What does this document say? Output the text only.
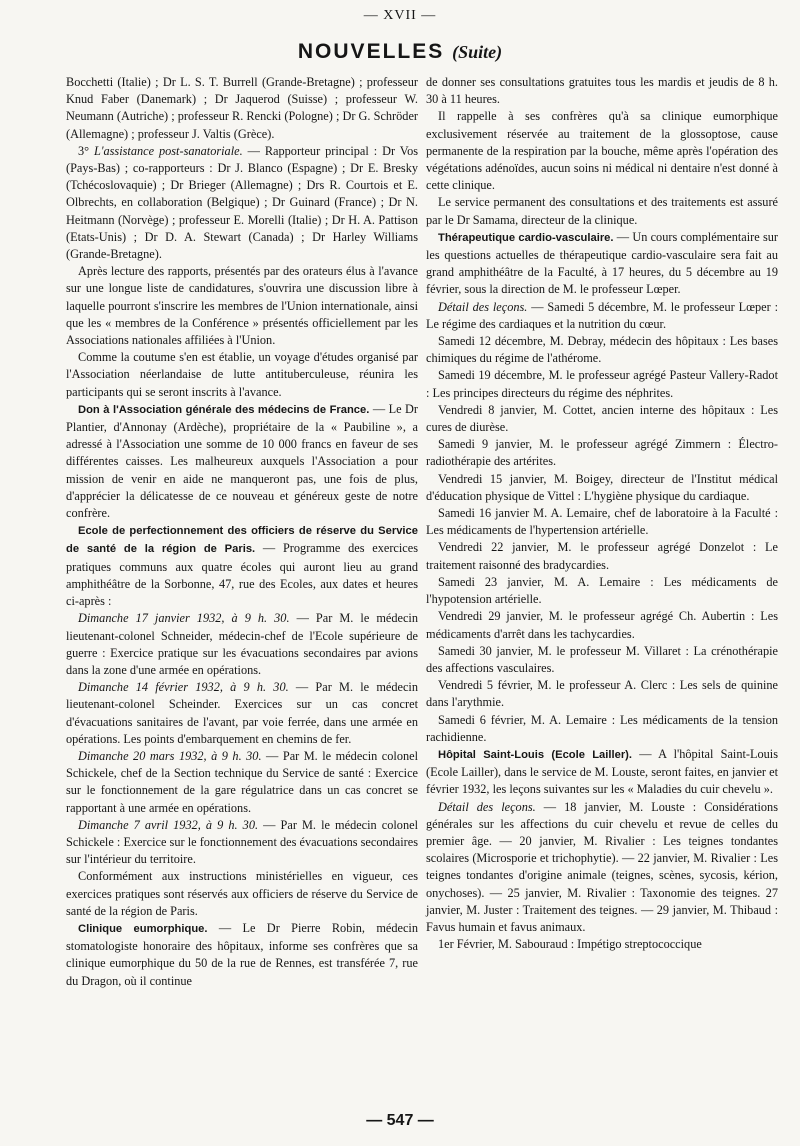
— XVII —
NOUVELLES (Suite)

Bocchetti (Italie) ; Dr L. S. T. Burrell (Grande-Bretagne) ; professeur Knud Faber (Danemark) ; Dr Jaquerod (Suisse) ; professeur W. Neumann (Autriche) ; professeur R. Rencki (Pologne) ; Dr G. Schröder (Allemagne) ; professeur J. Valtis (Grèce).

3° L'assistance post-sanatoriale. — Rapporteur principal : Dr Vos (Pays-Bas) ; co-rapporteurs : Dr J. Blanco (Espagne) ; Dr E. Bresky (Tchécoslovaquie) ; Dr Brieger (Allemagne) ; Drs R. Courtois et E. Olbrechts, en collaboration (Belgique) ; Dr Guinard (France) ; Dr N. Heitmann (Norvège) ; professeur E. Morelli (Italie) ; Dr H. A. Pattison (Etats-Unis) ; Dr D. A. Stewart (Canada) ; Dr Harley Williams (Grande-Bretagne).

Après lecture des rapports, présentés par des orateurs élus à l'avance sur une longue liste de candidatures, s'ouvrira une discussion libre à laquelle pourront s'inscrire les membres de l'Union internationale, ainsi que les « membres de la Conférence » présentés officiellement par les Associations nationales affiliées à l'Union.

Comme la coutume s'en est établie, un voyage d'études organisé par l'Association néerlandaise de lutte antituberculeuse, réunira les participants qui se seront inscrits à l'avance.

Don à l'Association générale des médecins de France. — Le Dr Plantier, d'Annonay (Ardèche), propriétaire de la « Paubiline », a adressé à l'Association une somme de 10 000 francs en faveur de ses différentes caisses. Les malheureux auxquels l'Association a pour mission de venir en aide ne manqueront pas, une fois de plus, d'apprécier la délicatesse de ce nouveau et généreux geste de notre confrère.

Ecole de perfectionnement des officiers de réserve du Service de santé de la région de Paris. — Programme des exercices pratiques communs aux quatre écoles qui auront lieu au grand amphithéâtre de la Sorbonne, 47, rue des Ecoles, aux dates et heures ci-après :

Dimanche 17 janvier 1932, à 9 h. 30. — Par M. le médecin lieutenant-colonel Schneider, médecin-chef de l'Ecole supérieure de guerre : Exercice pratique sur les évacuations secondaires par avions dans la zone d'une armée en opérations.

Dimanche 14 février 1932, à 9 h. 30. — Par M. le médecin lieutenant-colonel Scheinder. Exercices sur un cas concret d'évacuations sanitaires de l'avant, par voie ferrée, dans une armée en opérations. Les points d'embarquement en chemins de fer.

Dimanche 20 mars 1932, à 9 h. 30. — Par M. le médecin colonel Schickele, chef de la Section technique du Service de santé : Exercice sur le fonctionnement de la gare régulatrice dans un cas concret se rapportant à une armée en opérations.

Dimanche 7 avril 1932, à 9 h. 30. — Par M. le médecin colonel Schickele : Exercice sur le fonctionnement des évacuations secondaires sur l'intérieur du territoire.

Conformément aux instructions ministérielles en vigueur, ces exercices pratiques sont réservés aux officiers de réserve du Service de santé de la région de Paris.

Clinique eumorphique. — Le Dr Pierre Robin, médecin stomatologiste honoraire des hôpitaux, informe ses confrères que sa clinique eumorphique du 50 de la rue de Rennes, est transférée 7, rue du Dragon, où il continue

de donner ses consultations gratuites tous les mardis et jeudis de 8 h. 30 à 11 heures.

Il rappelle à ses confrères qu'à sa clinique eumorphique exclusivement réservée au traitement de la glossoptose, cause permanente de la respiration par la bouche, même après l'opération des végétations adénoïdes, aucun soins ni médical ni dentaire n'est donné à cette clinique.

Le service permanent des consultations et des traitements est assuré par le Dr Samama, directeur de la clinique.

Thérapeutique cardio-vasculaire. — Un cours complémentaire sur les questions actuelles de thérapeutique cardio-vasculaire sera fait au grand amphithéâtre de la Faculté, à 17 heures, du 5 décembre au 19 février, sous la direction de M. le professeur Lœper.

Détail des leçons. — Samedi 5 décembre, M. le professeur Lœper : Le régime des cardiaques et la nutrition du cœur.

Samedi 12 décembre, M. Debray, médecin des hôpitaux : Les bases chimiques du régime de l'athérome.

Samedi 19 décembre, M. le professeur agrégé Pasteur Vallery-Radot : Les principes directeurs du régime des néphrites.

Vendredi 8 janvier, M. Cottet, ancien interne des hôpitaux : Les cures de diurèse.

Samedi 9 janvier, M. le professeur agrégé Zimmern : Électro-radiothérapie des artérites.

Vendredi 15 janvier, M. Boigey, directeur de l'Institut médical d'éducation physique de Vittel : L'hygiène physique du cardiaque.

Samedi 16 janvier M. A. Lemaire, chef de laboratoire à la Faculté : Les médicaments de l'hypertension artérielle.

Vendredi 22 janvier, M. le professeur agrégé Donzelot : Le traitement raisonné des bradycardies.

Samedi 23 janvier, M. A. Lemaire : Les médicaments de l'hypotension artérielle.

Vendredi 29 janvier, M. le professeur agrégé Ch. Aubertin : Les médicaments d'arrêt dans les tachycardies.

Samedi 30 janvier, M. le professeur M. Villaret : La crénothérapie des affections vasculaires.

Vendredi 5 février, M. le professeur A. Clerc : Les sels de quinine dans l'arythmie.

Samedi 6 février, M. A. Lemaire : Les médicaments de la tension rachidienne.

Hôpital Saint-Louis (Ecole Lailler). — A l'hôpital Saint-Louis (Ecole Lailler), dans le service de M. Louste, seront faites, en janvier et février 1932, les leçons suivantes sur les « Maladies du cuir chevelu ».

Détail des leçons. — 18 janvier, M. Louste : Considérations générales sur les affections du cuir chevelu et revue de celles du premier âge. — 20 janvier, M. Rivalier : Les teignes tondantes scolaires (Microsporie et trichophytie). — 22 janvier, M. Rivalier : Les teignes tondantes d'origine animale (teignes, scènes, sycosis, kérion, onychoses). — 25 janvier, M. Rivalier : Taxonomie des teignes. 27 janvier, M. Juster : Traitement des teignes. — 29 janvier, M. Thibaud : Favus humain et favus animaux.

1er Février, M. Sabouraud : Impétigo streptococcique

— 547 —
